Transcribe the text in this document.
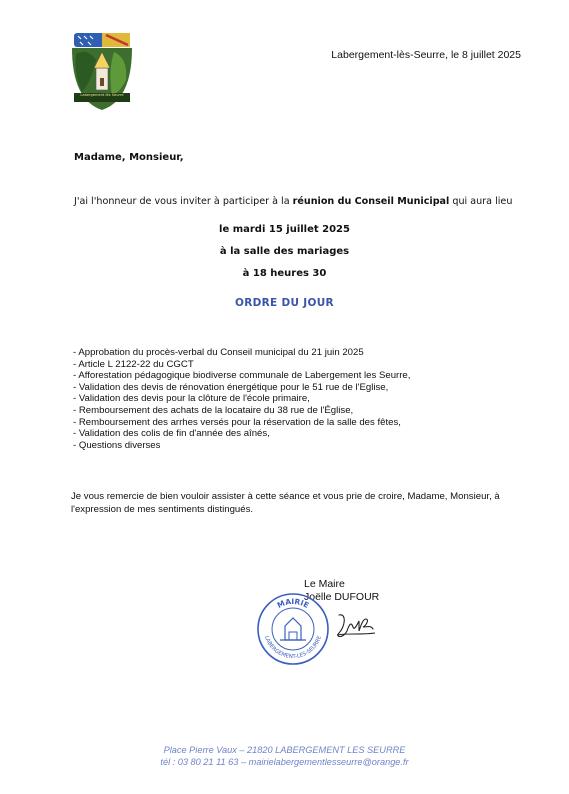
Labergement lès Seurre
Labergement-lès-Seurre, le 8 juillet 2025
Madame, Monsieur,
J'ai l'honneur de vous inviter à participer à la réunion du Conseil Municipal qui aura lieu
le mardi 15 juillet 2025
à la salle des mariages
à 18 heures 30
ORDRE DU JOUR
- Approbation du procès-verbal du Conseil municipal du 21 juin 2025
- Article L 2122-22 du CGCT
- Afforestation pédagogique biodiverse communale de Labergement les Seurre,
- Validation des devis de rénovation énergétique pour le 51 rue de l'Eglise,
- Validation des devis pour la clôture de l'école primaire,
- Remboursement des achats de la locataire du 38 rue de l'Église,
- Remboursement des arrhes versés pour la réservation de la salle des fêtes,
- Validation des colis de fin d'année des aînés,
- Questions diverses
Je vous remercie de bien vouloir assister à cette séance et vous prie de croire, Madame, Monsieur, à l'expression de mes sentiments distingués.
Le Maire
Joëlle DUFOUR
MAIRIE
LABERGEMENT-LES-SEURRE
Place Pierre Vaux – 21820 LABERGEMENT LES SEURRE
tél : 03 80 21 11 63 – mairielabergementlesseurre@orange.fr
